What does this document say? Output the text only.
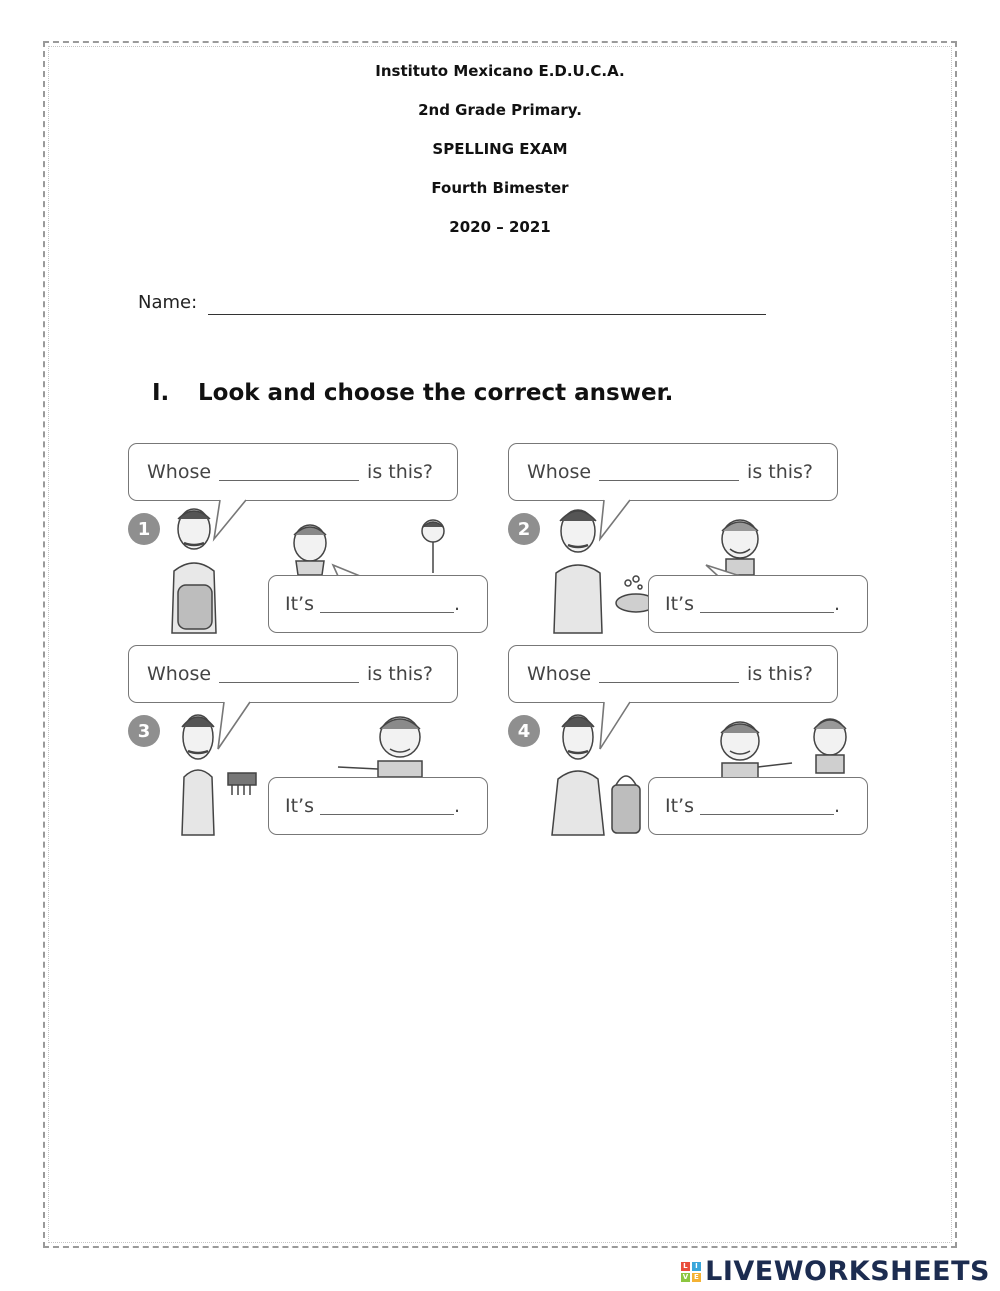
Instituto Mexicano E.D.U.C.A.
2nd Grade Primary.
SPELLING EXAM
Fourth Bimester
2020 – 2021
Name:
I. Look and choose the correct answer.
Whose	is this?
1
It’s	.
Whose	is this?
2
It’s	.
Whose	is this?
3
It’s	.
Whose	is this?
4
It’s	.
L I
V E LIVEWORKSHEETS
